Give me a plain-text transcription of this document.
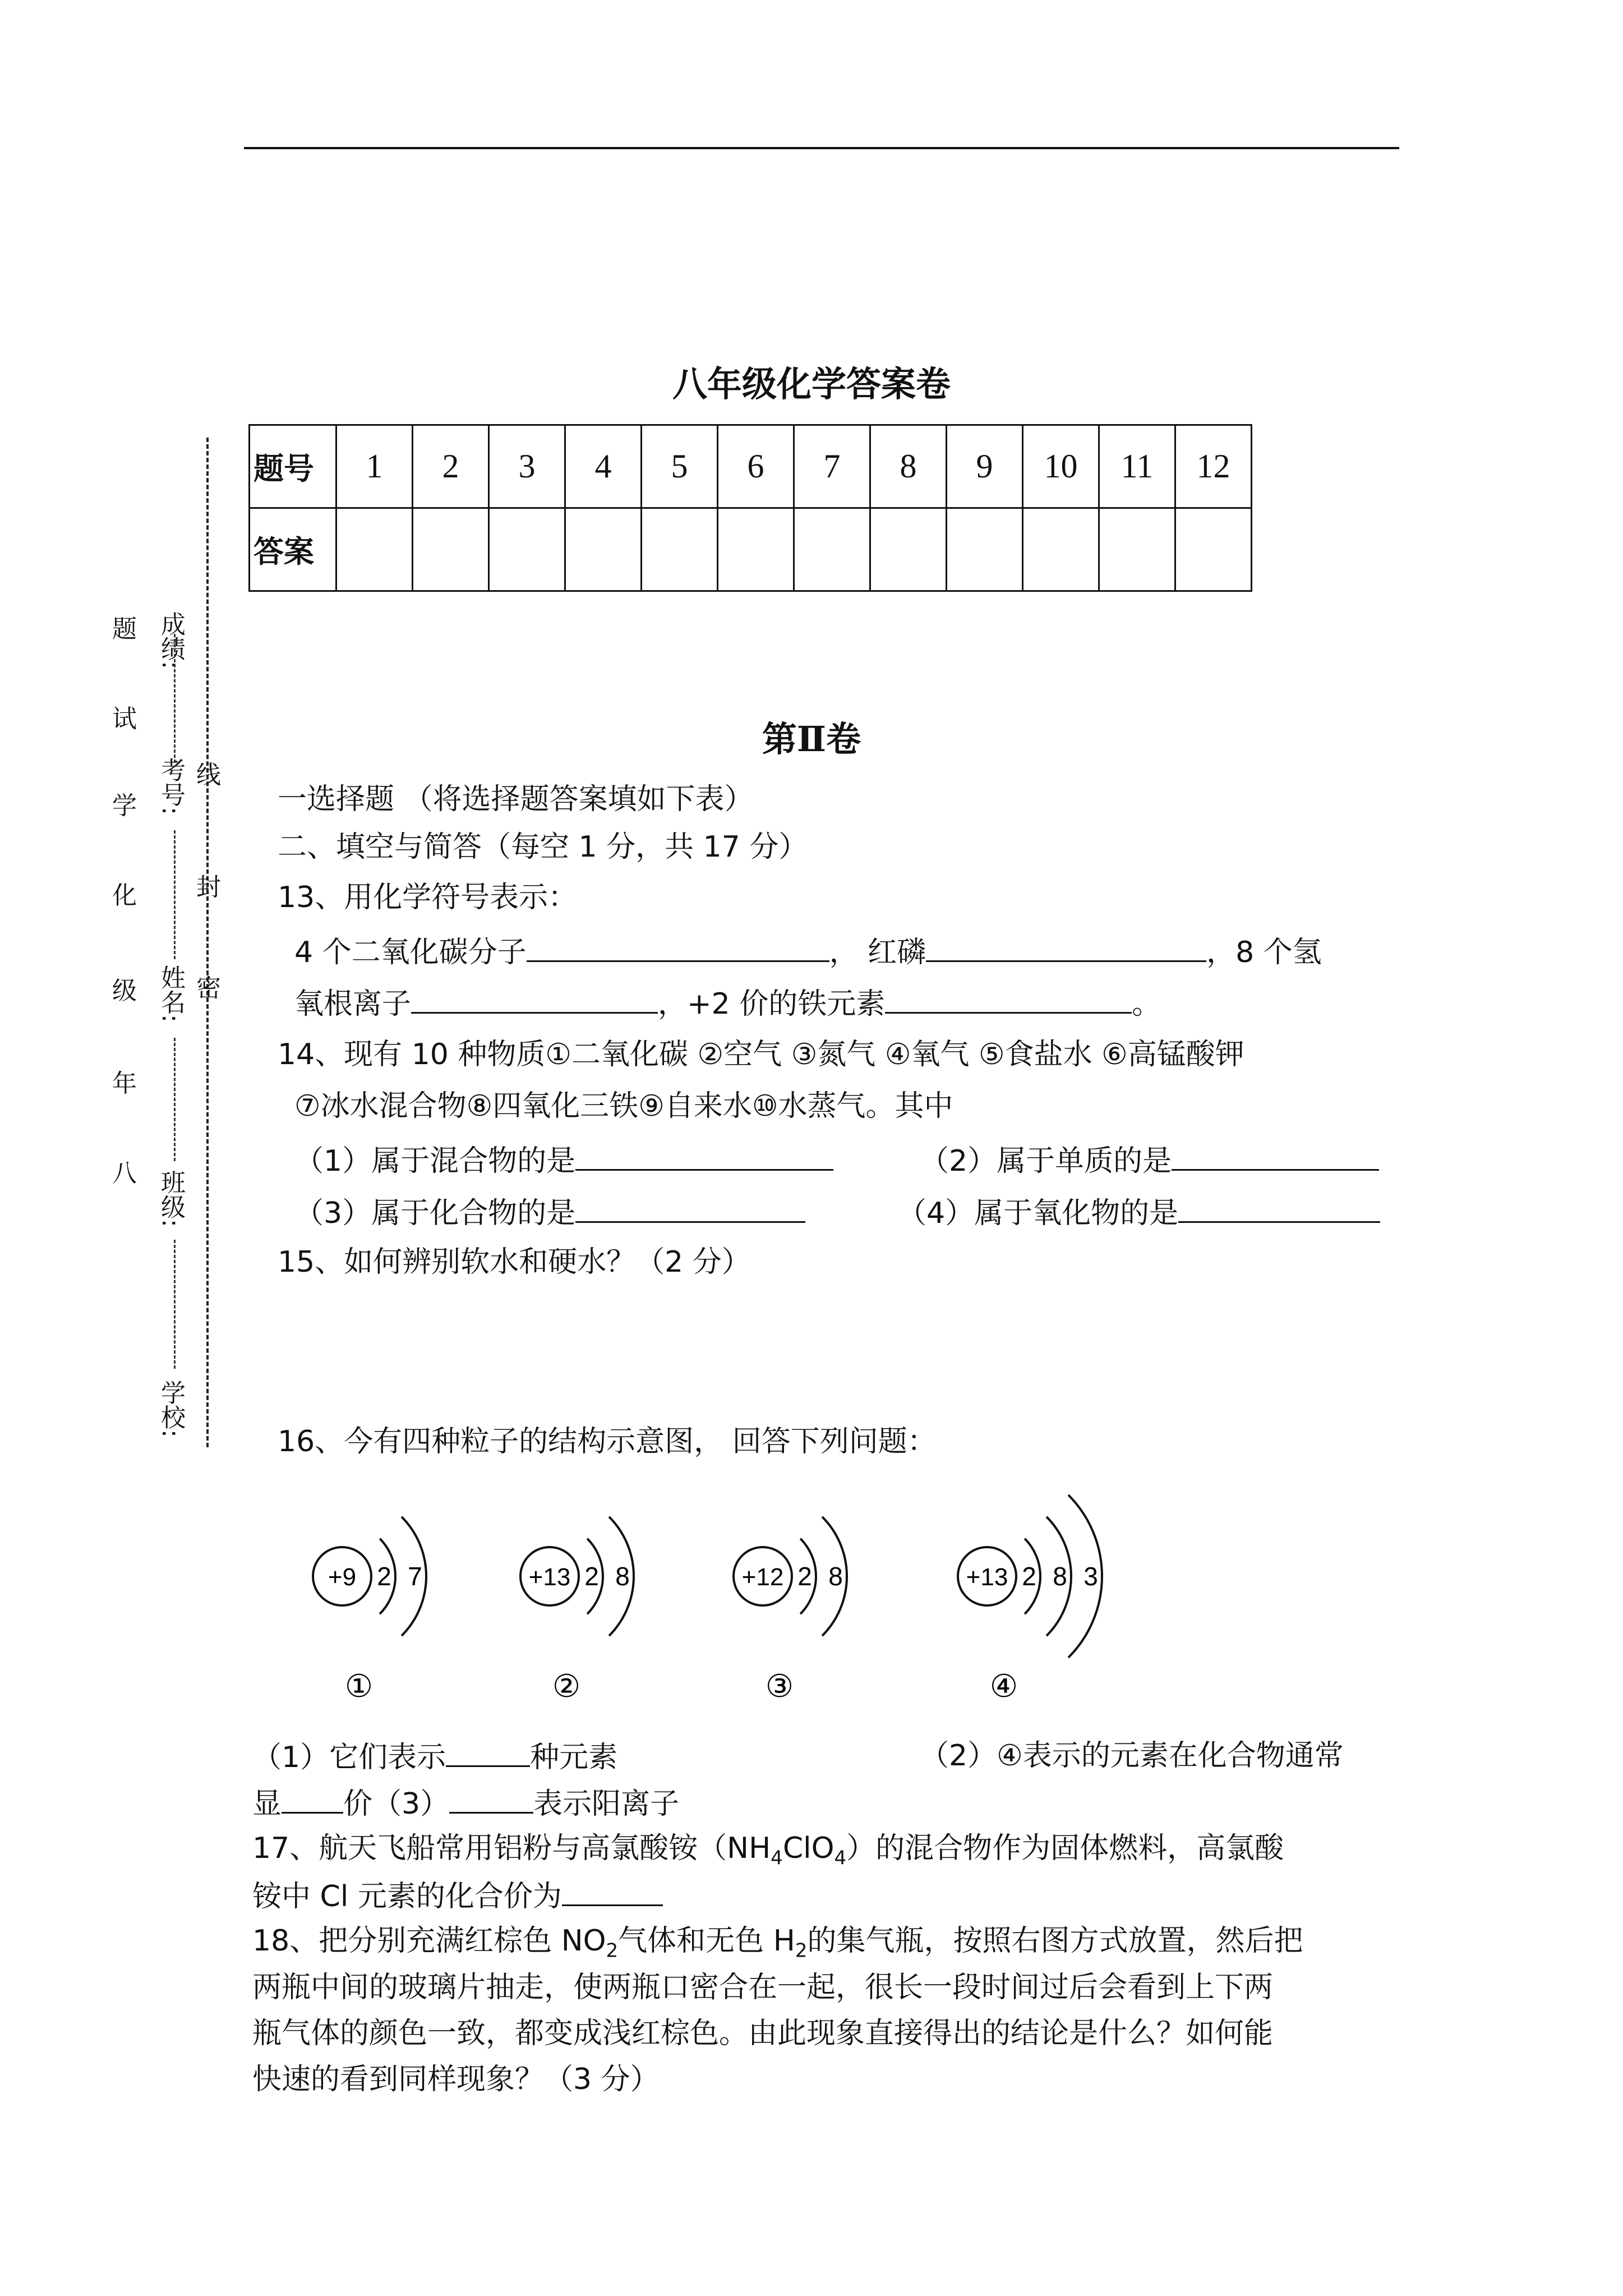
八年级化学答案卷
题号	1	2	3	4	5	6	7	8	9	10	11	12
答案												
题
试
学
化
级
年
八
成绩:
考号:
姓名:
班级:
学校:
线
封
密
第Ⅱ卷
一选择题 （将选择题答案填如下表）
二、填空与简答（每空 1 分，共 17 分）
13、用化学符号表示：
4 个二氧化碳分子	， 红磷	，8 个氢
氧根离子	，+2 价的铁元素	。
14、现有 10 种物质①二氧化碳 ②空气 ③氮气 ④氧气 ⑤食盐水 ⑥高锰酸钾
⑦冰水混合物⑧四氧化三铁⑨自来水⑩水蒸气。其中
（1）属于混合物的是	（2）属于单质的是
（3）属于化合物的是	（4）属于氧化物的是
15、如何辨别软水和硬水？（2 分）
16、今有四种粒子的结构示意图， 回答下列问题：
+9 2 7
①
+13 2 8
②
+12 2 8
③
+13 2 8 3
④
（1）它们表示	种元素	（2）④表示的元素在化合物通常
显 价（3）	表示阳离子
17、航天飞船常用铝粉与高氯酸铵$(NH_4ClO_4)$的混合物作为固体燃料，高氯酸
铵中 Cl 元素的化合价为
18、把分别充满红棕色 $NO_2$气体和无色 $H_2$的集气瓶，按照右图方式放置，然后把
两瓶中间的玻璃片抽走，使两瓶口密合在一起，很长一段时间过后会看到上下两
瓶气体的颜色一致，都变成浅红棕色。由此现象直接得出的结论是什么？如何能
快速的看到同样现象？（3 分）
